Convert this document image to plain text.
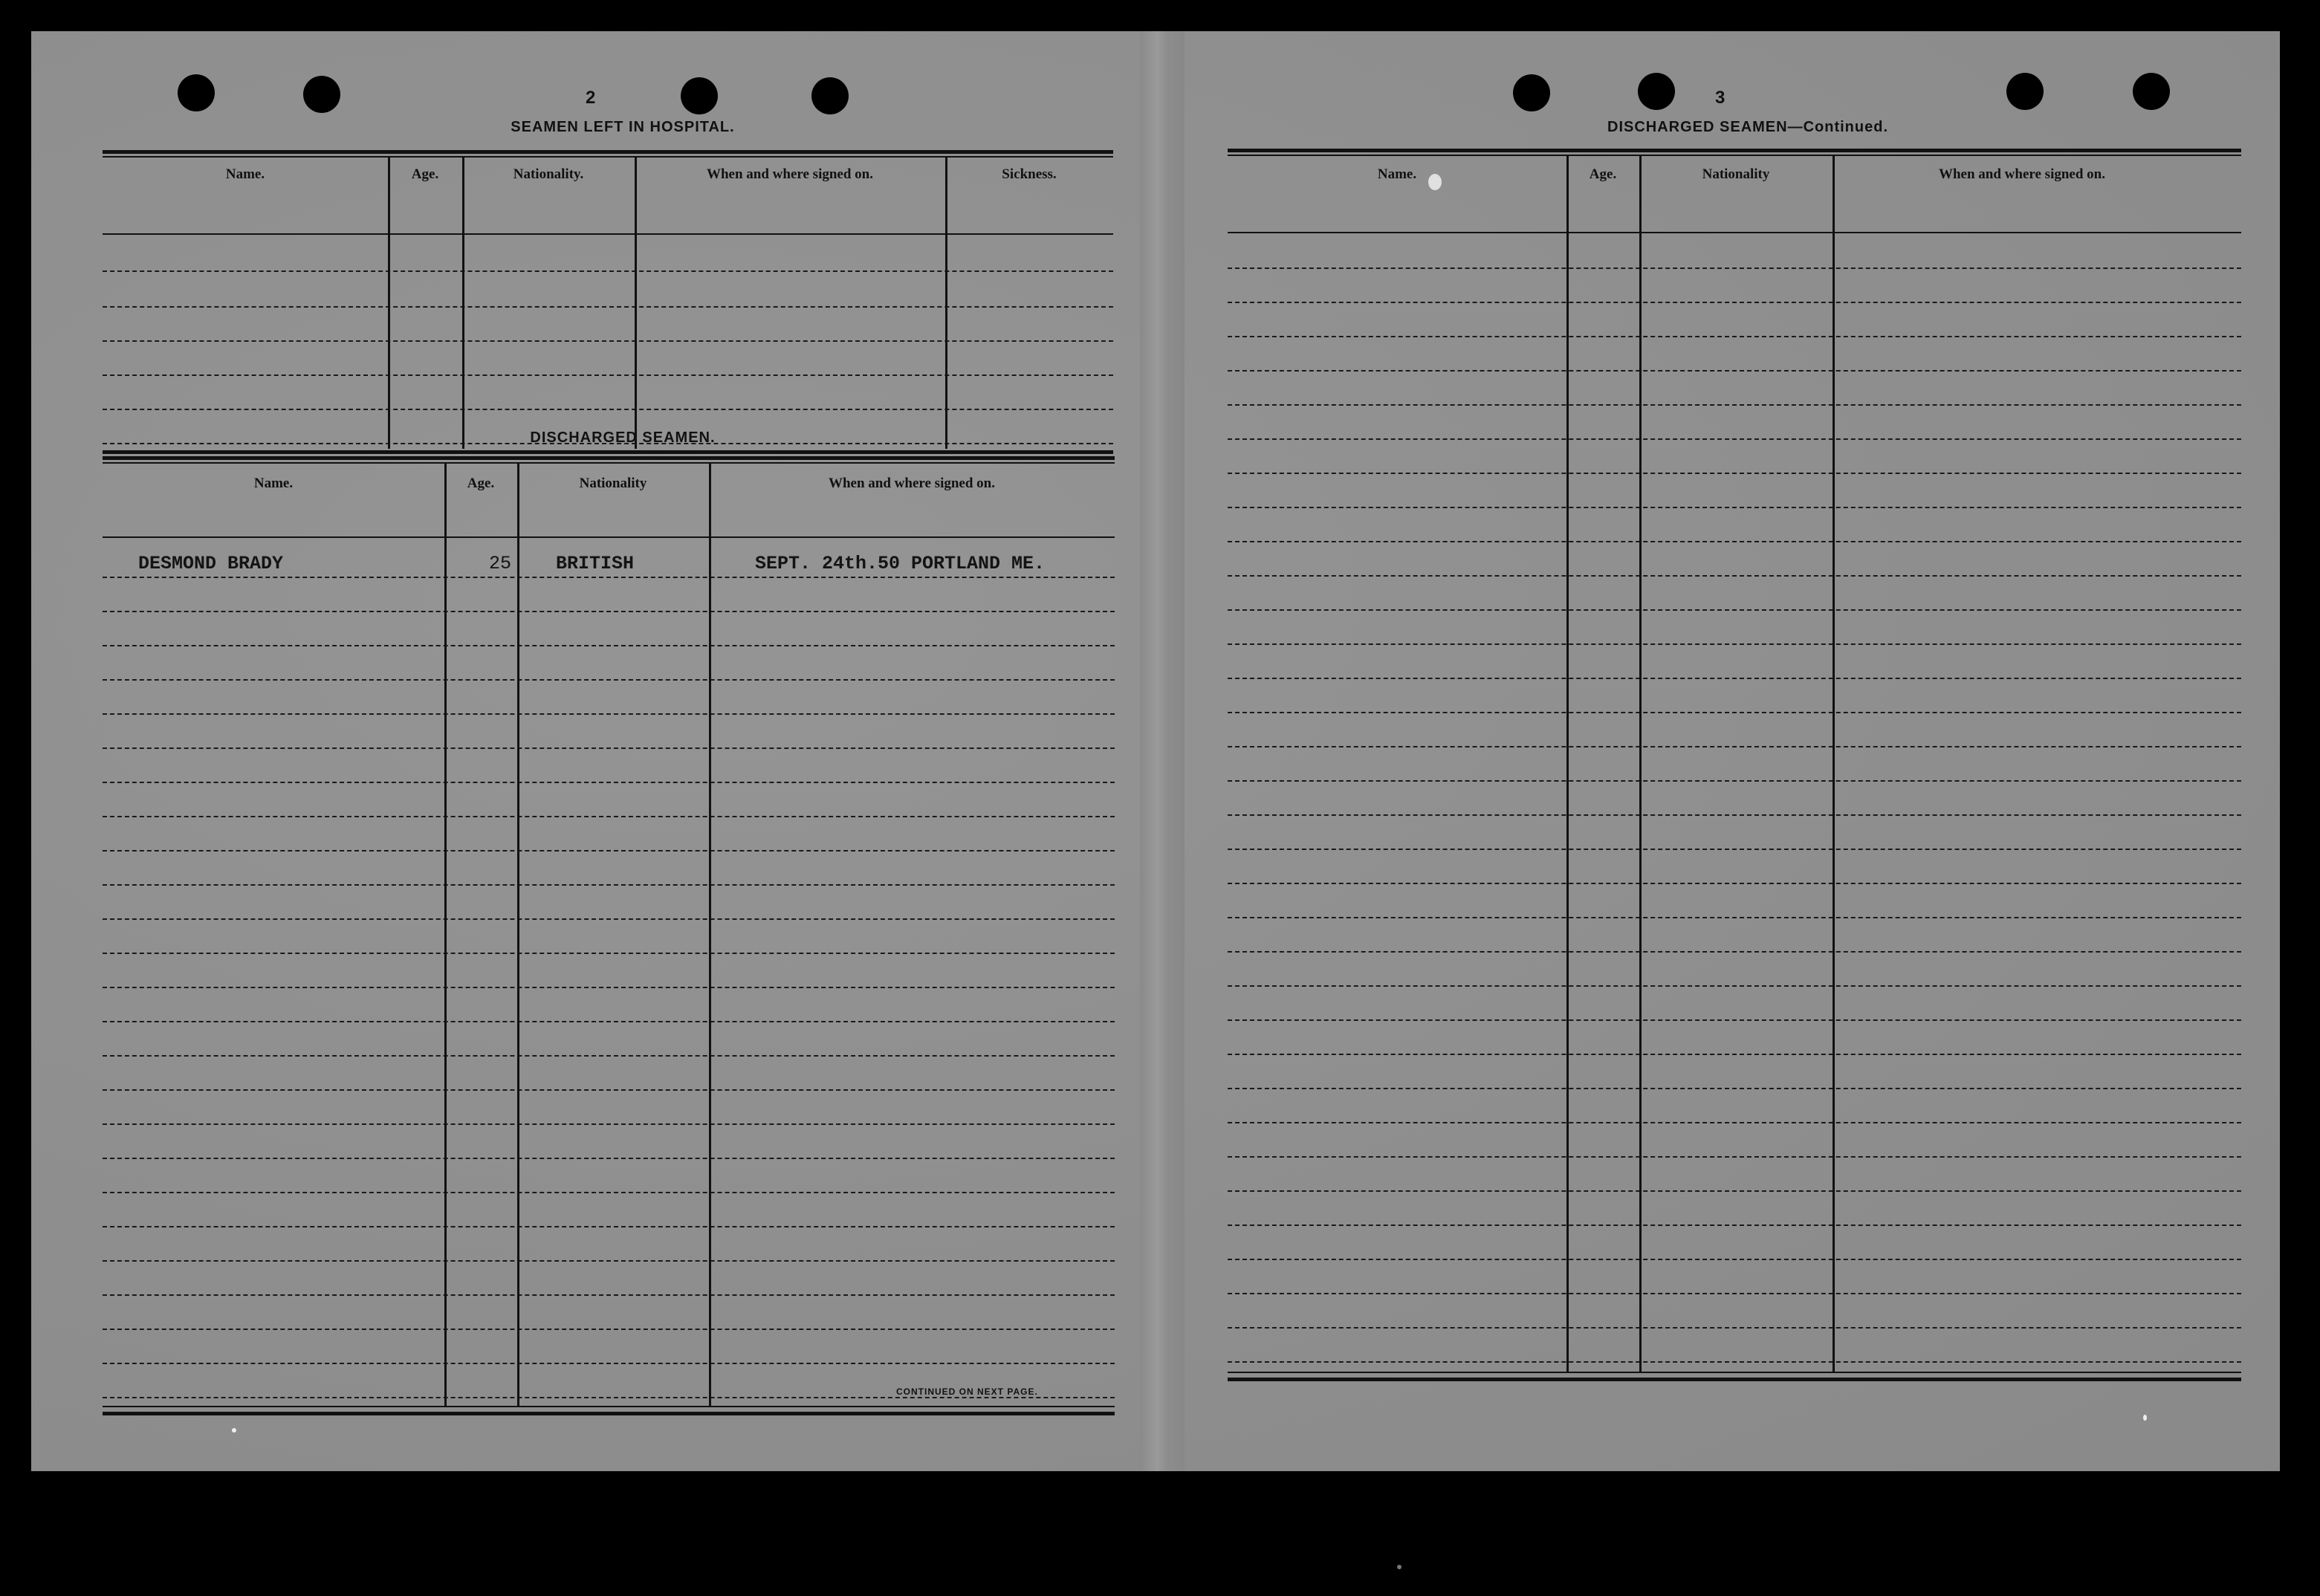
2
SEAMEN LEFT IN HOSPITAL.
Name.	Age.	Nationality.	When and where signed on.	Sickness.
DISCHARGED SEAMEN.
Name.	Age.	Nationality	When and where signed on.
DESMOND BRADY	25 BRITISH	SEPT. 24th.50 PORTLAND ME.
CONTINUED ON NEXT PAGE.
3
DISCHARGED SEAMEN—Continued.
Name.	Age.	Nationality	When and where signed on.
